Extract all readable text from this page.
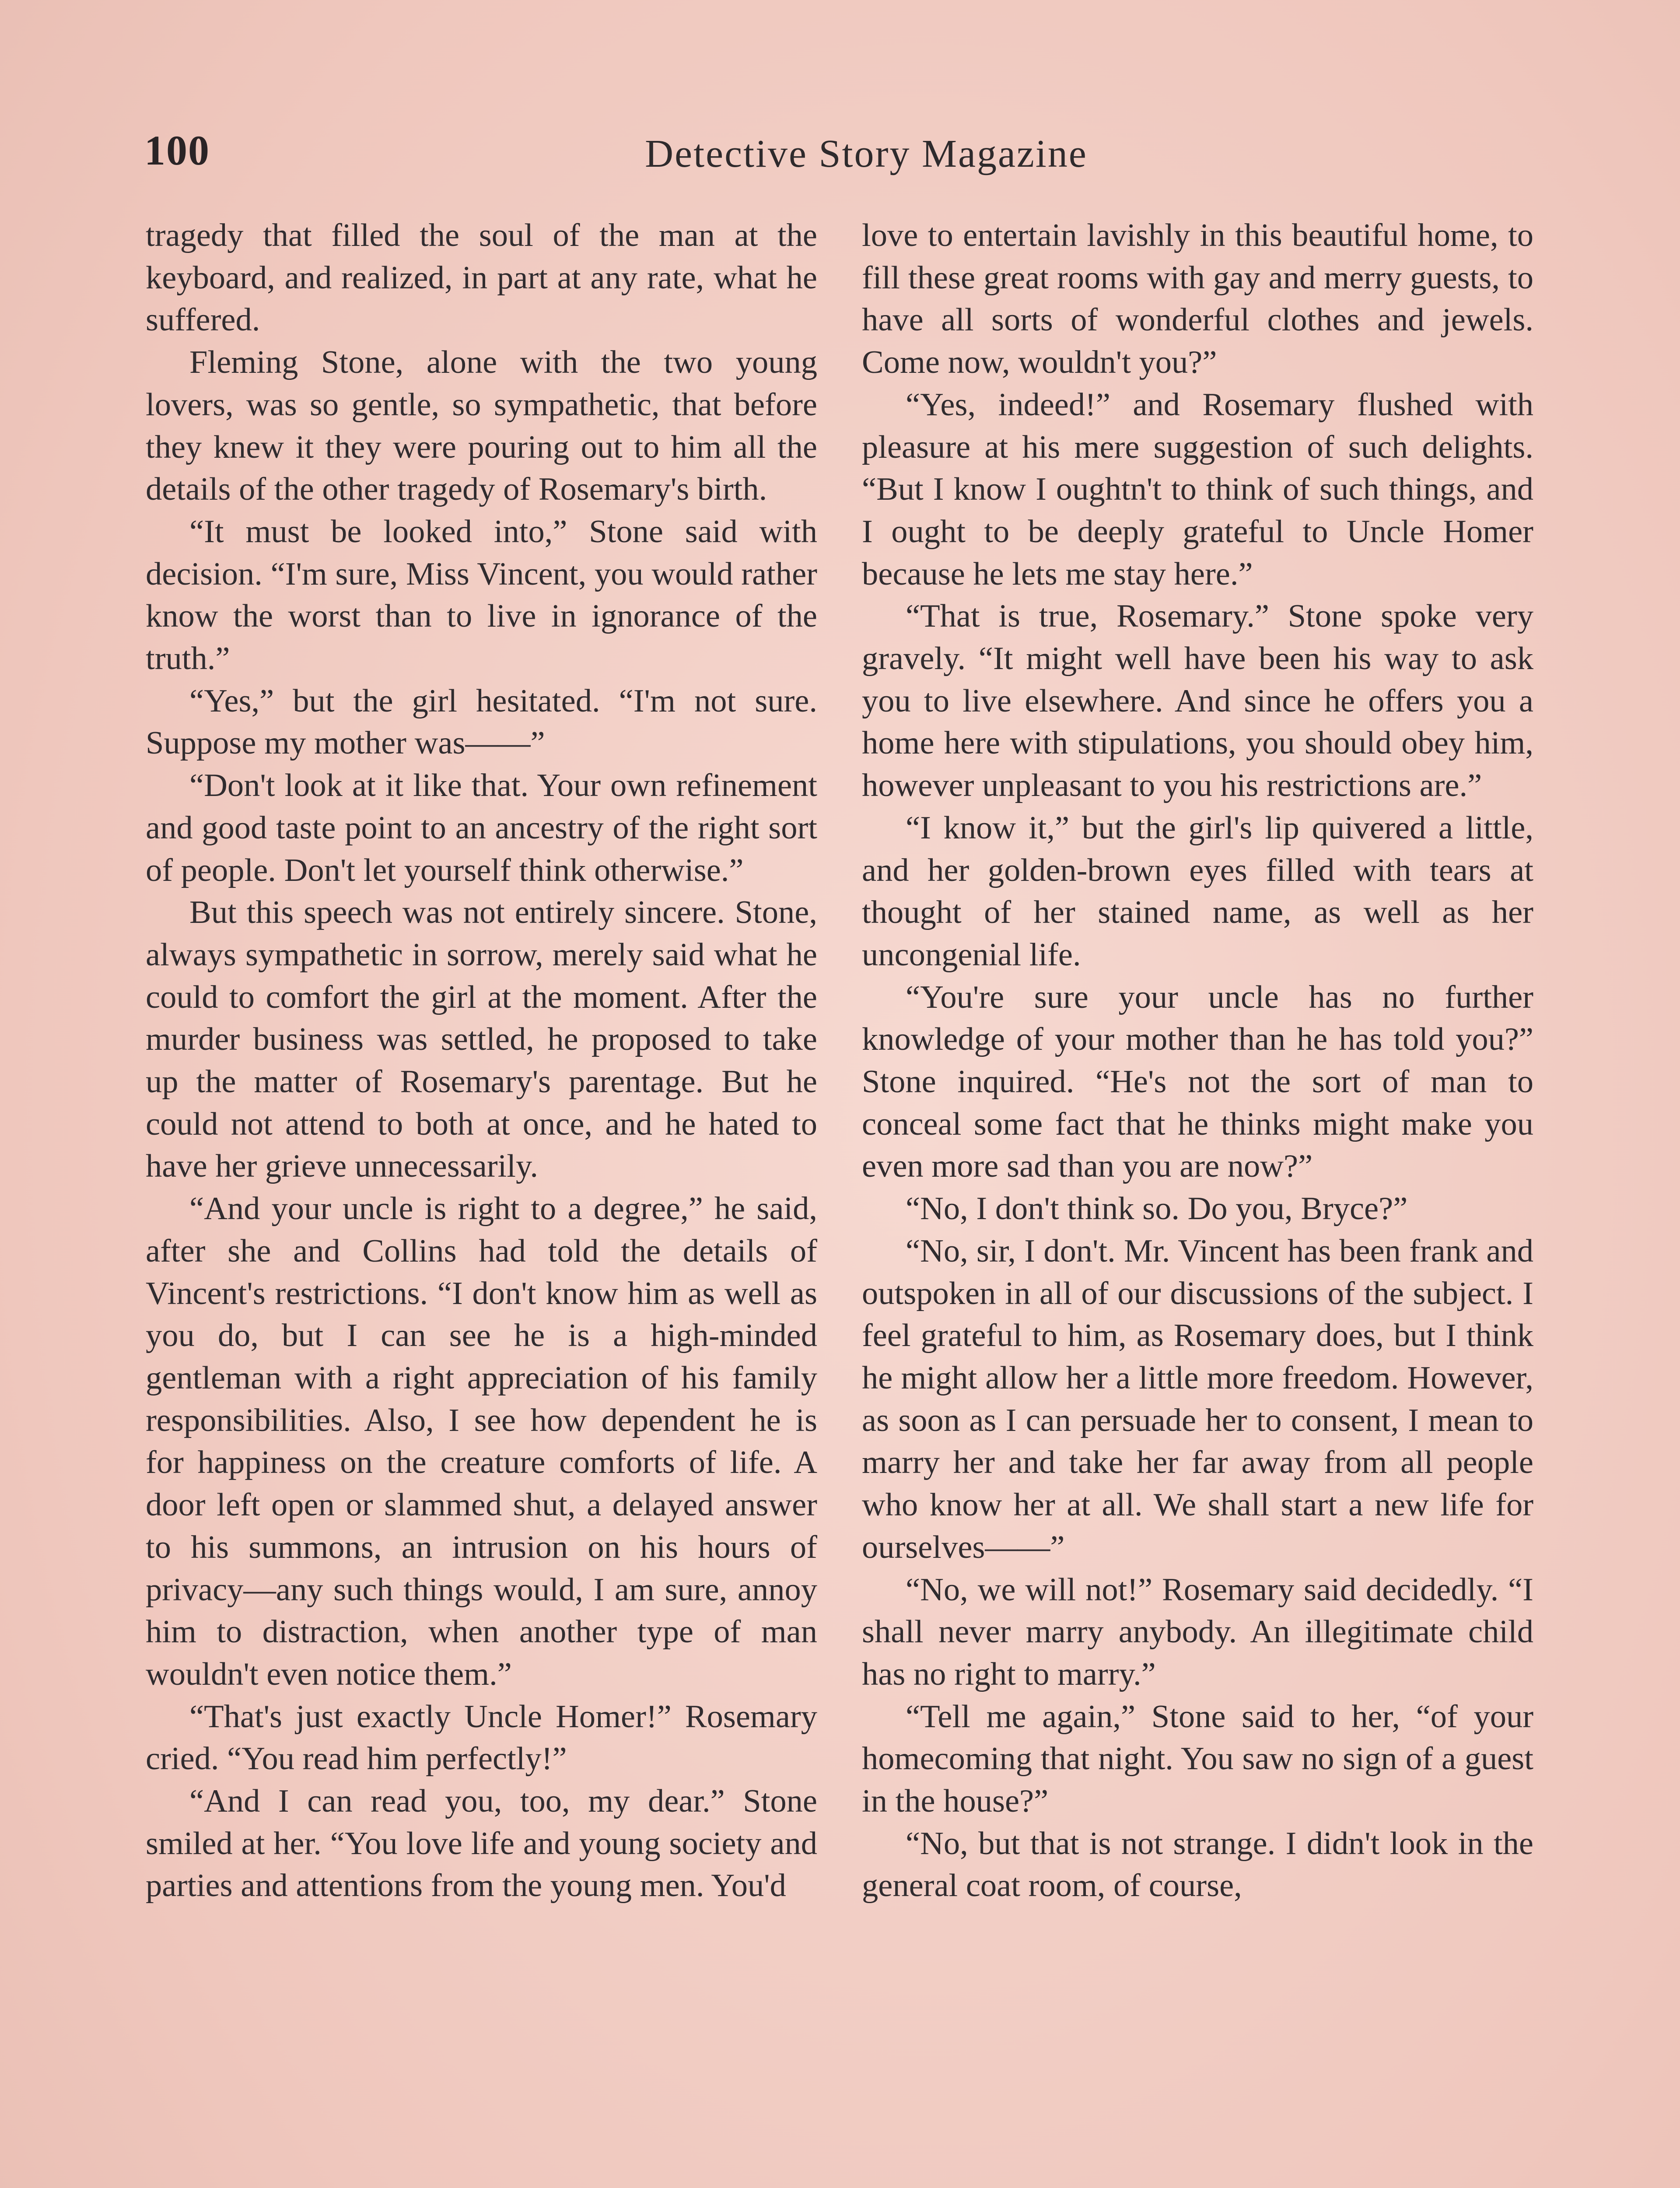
100	Detective Story Magazine

tragedy that filled the soul of the man at the keyboard, and realized, in part at any rate, what he suffered.

Fleming Stone, alone with the two young lovers, was so gentle, so sympathetic, that before they knew it they were pouring out to him all the details of the other tragedy of Rosemary's birth.

“It must be looked into,” Stone said with decision. “I'm sure, Miss Vincent, you would rather know the worst than to live in ignorance of the truth.”

“Yes,” but the girl hesitated. “I'm not sure. Suppose my mother was——”

“Don't look at it like that. Your own refinement and good taste point to an ancestry of the right sort of people. Don't let yourself think otherwise.”

But this speech was not entirely sincere. Stone, always sympathetic in sorrow, merely said what he could to comfort the girl at the moment. After the murder business was settled, he proposed to take up the matter of Rosemary's parentage. But he could not attend to both at once, and he hated to have her grieve unnecessarily.

“And your uncle is right to a degree,” he said, after she and Collins had told the details of Vincent's restrictions. “I don't know him as well as you do, but I can see he is a high-minded gentleman with a right appreciation of his family responsibilities. Also, I see how dependent he is for happiness on the creature comforts of life. A door left open or slammed shut, a delayed answer to his summons, an intrusion on his hours of privacy—any such things would, I am sure, annoy him to distraction, when another type of man wouldn't even notice them.”

“That's just exactly Uncle Homer!” Rosemary cried. “You read him perfectly!”

“And I can read you, too, my dear.” Stone smiled at her. “You love life and young society and parties and attentions from the young men. You'd

love to entertain lavishly in this beautiful home, to fill these great rooms with gay and merry guests, to have all sorts of wonderful clothes and jewels. Come now, wouldn't you?”

“Yes, indeed!” and Rosemary flushed with pleasure at his mere suggestion of such delights. “But I know I oughtn't to think of such things, and I ought to be deeply grateful to Uncle Homer because he lets me stay here.”

“That is true, Rosemary.” Stone spoke very gravely. “It might well have been his way to ask you to live elsewhere. And since he offers you a home here with stipulations, you should obey him, however unpleasant to you his restrictions are.”

“I know it,” but the girl's lip quivered a little, and her golden-brown eyes filled with tears at thought of her stained name, as well as her uncongenial life.

“You're sure your uncle has no further knowledge of your mother than he has told you?” Stone inquired. “He's not the sort of man to conceal some fact that he thinks might make you even more sad than you are now?”

“No, I don't think so. Do you, Bryce?”

“No, sir, I don't. Mr. Vincent has been frank and outspoken in all of our discussions of the subject. I feel grateful to him, as Rosemary does, but I think he might allow her a little more freedom. However, as soon as I can persuade her to consent, I mean to marry her and take her far away from all people who know her at all. We shall start a new life for ourselves——”

“No, we will not!” Rosemary said decidedly. “I shall never marry anybody. An illegitimate child has no right to marry.”

“Tell me again,” Stone said to her, “of your homecoming that night. You saw no sign of a guest in the house?”

“No, but that is not strange. I didn't look in the general coat room, of course,
